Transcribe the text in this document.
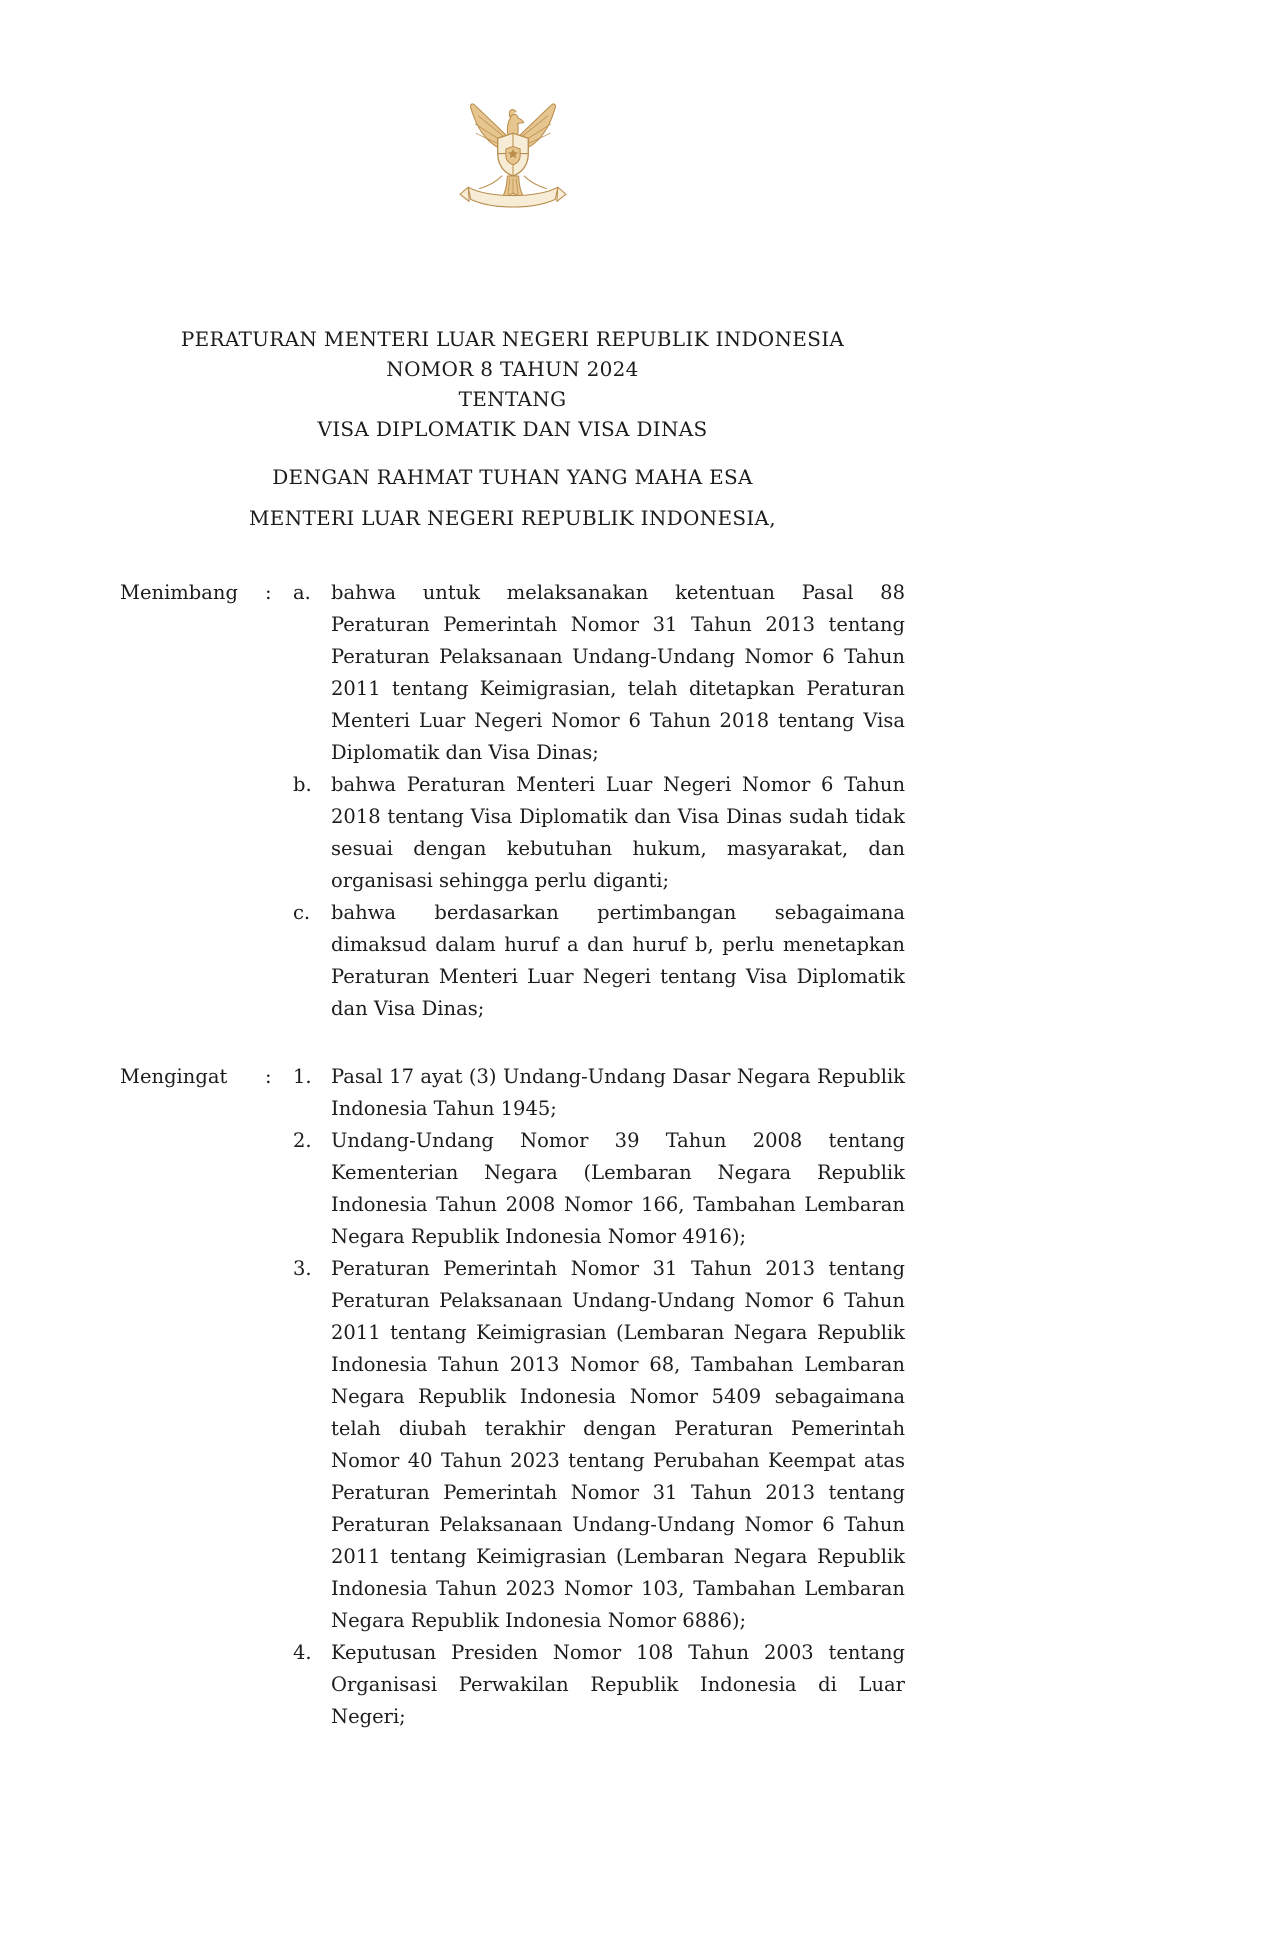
PERATURAN MENTERI LUAR NEGERI REPUBLIK INDONESIA
NOMOR 8 TAHUN 2024
TENTANG
VISA DIPLOMATIK DAN VISA DINAS
DENGAN RAHMAT TUHAN YANG MAHA ESA
MENTERI LUAR NEGERI REPUBLIK INDONESIA,
Menimbang	:	a.	bahwa untuk melaksanakan ketentuan Pasal 88 Peraturan Pemerintah Nomor 31 Tahun 2013 tentang Peraturan Pelaksanaan Undang-Undang Nomor 6 Tahun 2011 tentang Keimigrasian, telah ditetapkan Peraturan Menteri Luar Negeri Nomor 6 Tahun 2018 tentang Visa Diplomatik dan Visa Dinas;
b. bahwa Peraturan Menteri Luar Negeri Nomor 6 Tahun 2018 tentang Visa Diplomatik dan Visa Dinas sudah tidak sesuai dengan kebutuhan hukum, masyarakat, dan organisasi sehingga perlu diganti;
c.	bahwa berdasarkan pertimbangan sebagaimana dimaksud dalam huruf a dan huruf b, perlu menetapkan Peraturan Menteri Luar Negeri tentang Visa Diplomatik dan Visa Dinas;
Mengingat	:	1. Pasal 17 ayat (3) Undang-Undang Dasar Negara Republik Indonesia Tahun 1945;
2. Undang-Undang Nomor 39 Tahun 2008 tentang Kementerian Negara (Lembaran Negara Republik Indonesia Tahun 2008 Nomor 166, Tambahan Lembaran Negara Republik Indonesia Nomor 4916);
3. Peraturan Pemerintah Nomor 31 Tahun 2013 tentang Peraturan Pelaksanaan Undang-Undang Nomor 6 Tahun 2011 tentang Keimigrasian (Lembaran Negara Republik Indonesia Tahun 2013 Nomor 68, Tambahan Lembaran Negara Republik Indonesia Nomor 5409 sebagaimana telah diubah terakhir dengan Peraturan Pemerintah Nomor 40 Tahun 2023 tentang Perubahan Keempat atas Peraturan Pemerintah Nomor 31 Tahun 2013 tentang Peraturan Pelaksanaan Undang-Undang Nomor 6 Tahun 2011 tentang Keimigrasian (Lembaran Negara Republik Indonesia Tahun 2023 Nomor 103, Tambahan Lembaran Negara Republik Indonesia Nomor 6886);
4. Keputusan Presiden Nomor 108 Tahun 2003 tentang Organisasi Perwakilan Republik Indonesia di Luar Negeri;
